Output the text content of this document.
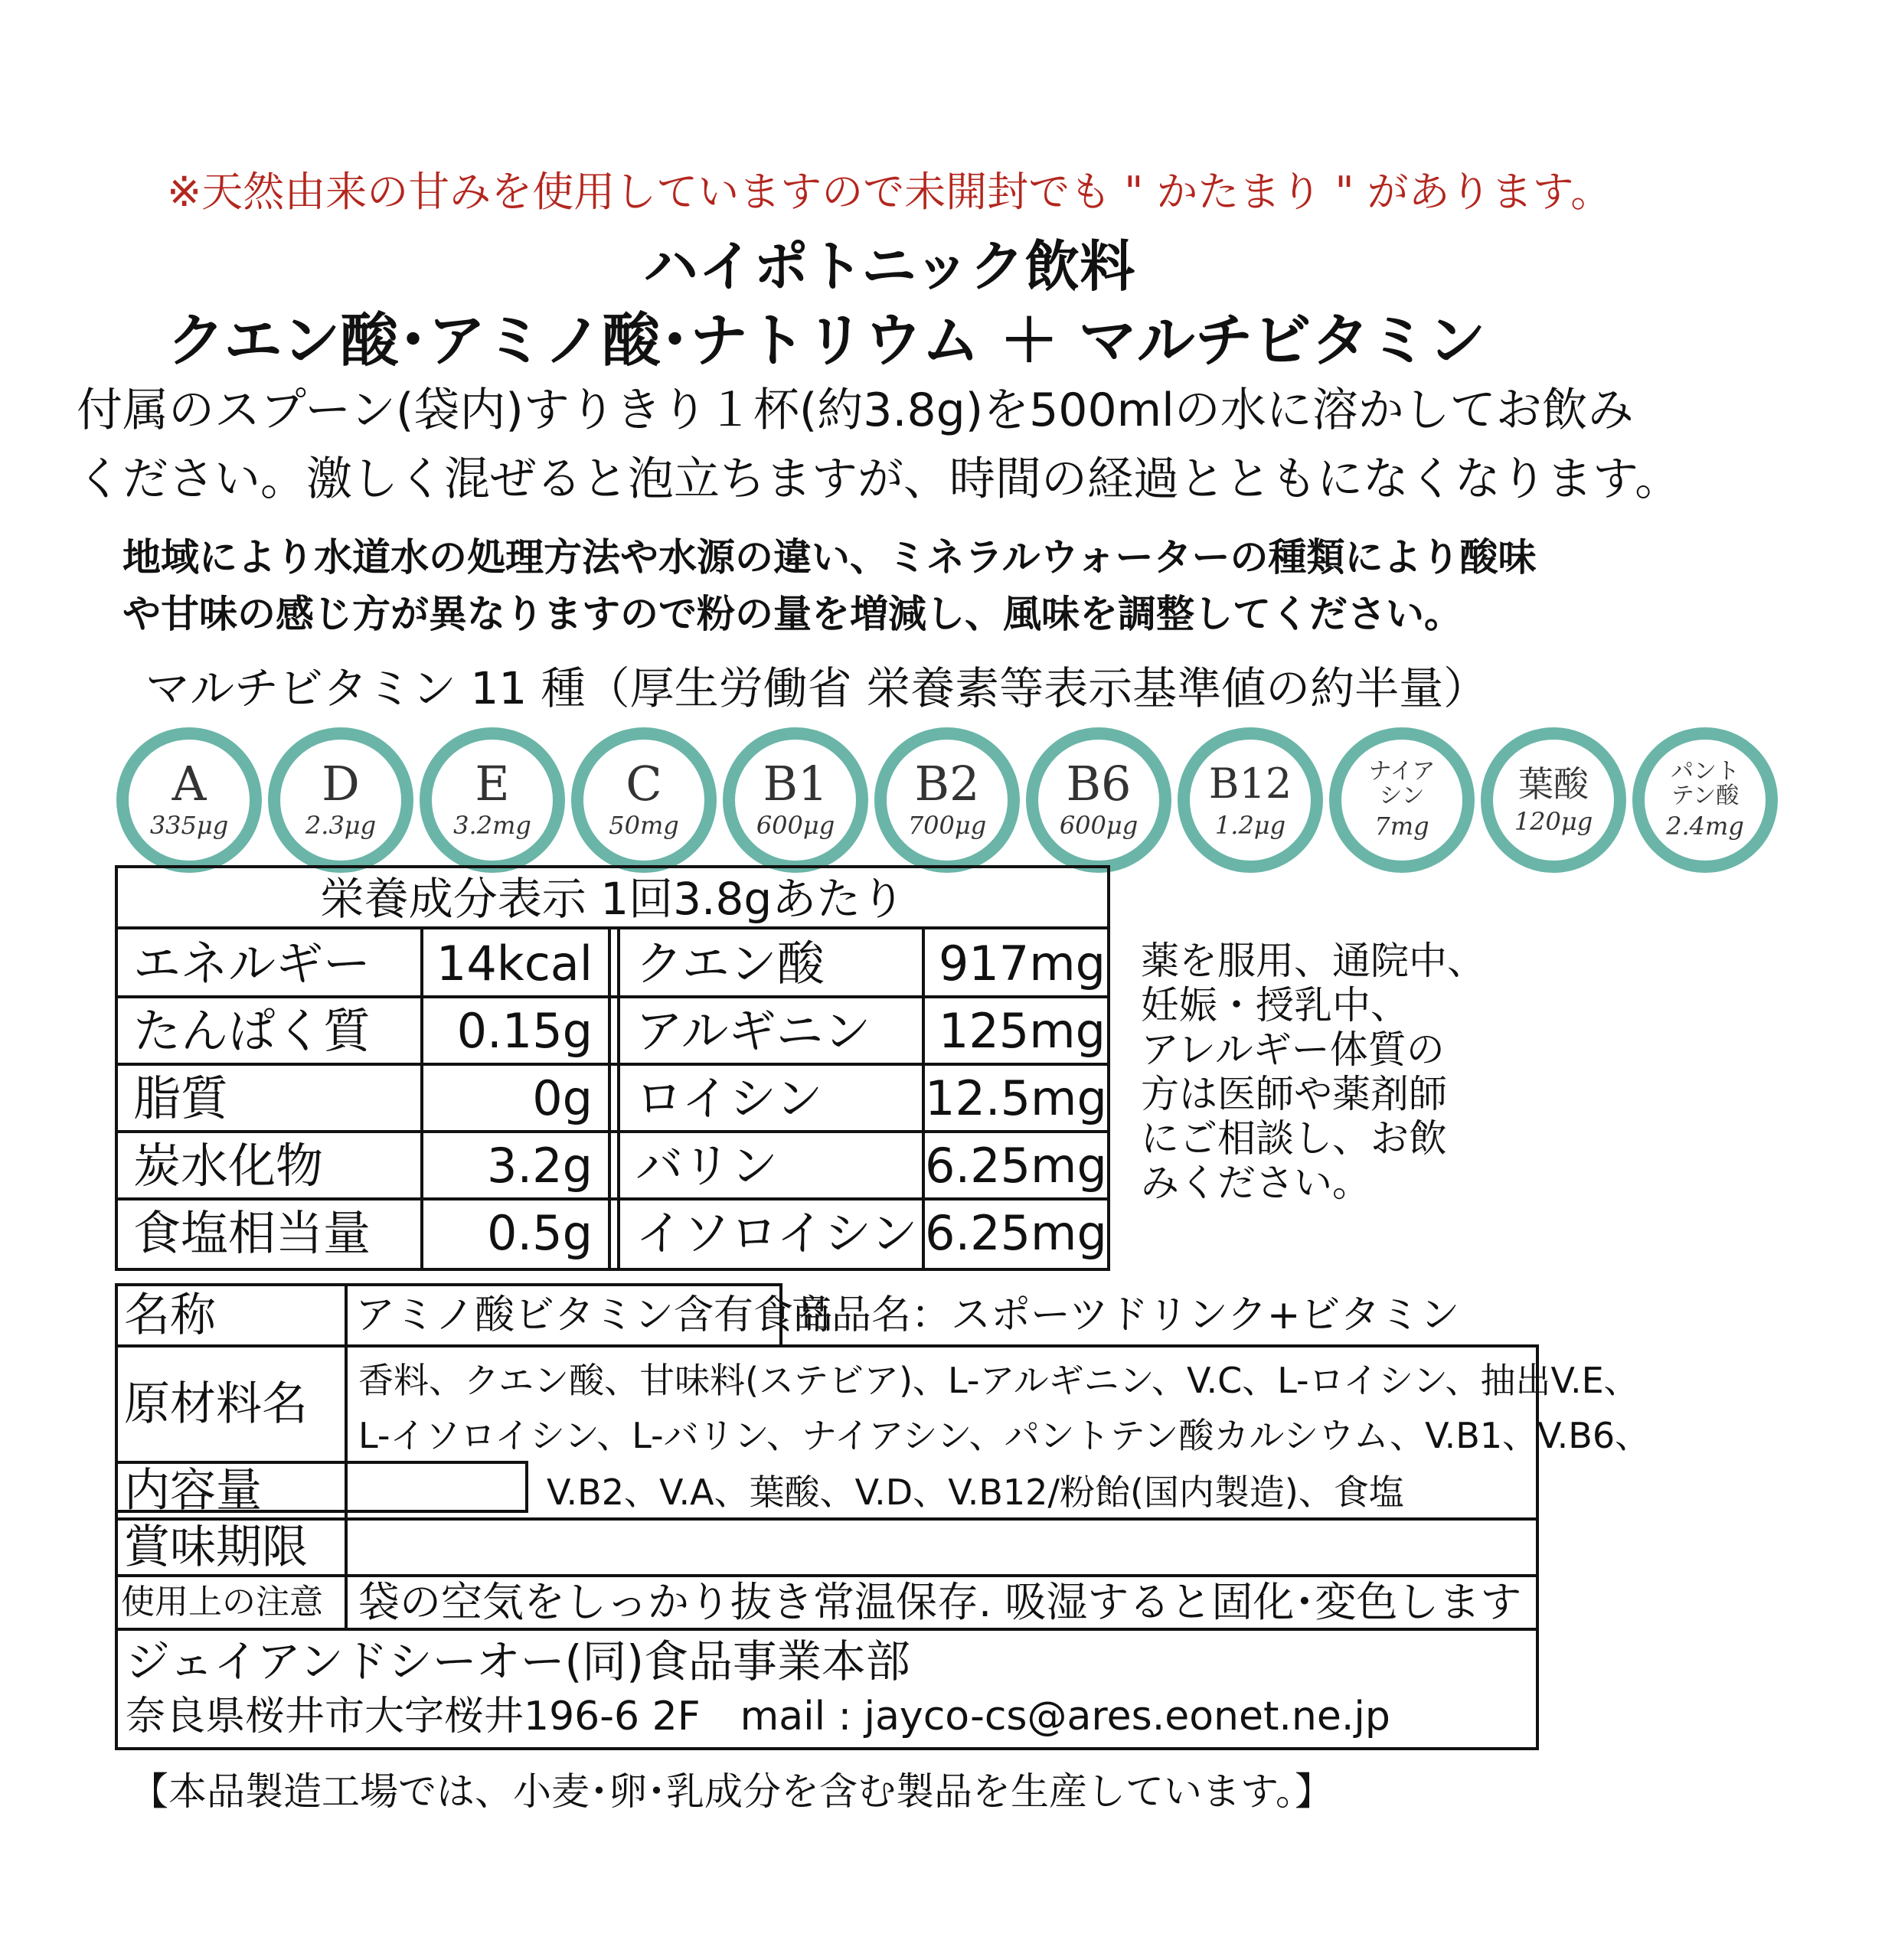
※天然由来の甘みを使用していますので未開封でも " かたまり " があります。
ハイポトニック飲料
クエン酸･アミノ酸･ナトリウム ＋ マルチビタミン
付属のスプーン(袋内)すりきり１杯(約3.8g)を500mlの水に溶かしてお飲み
ください。激しく混ぜると泡立ちますが、時間の経過とともになくなります。
地域により水道水の処理方法や水源の違い、ミネラルウォーターの種類により酸味
や甘味の感じ方が異なりますので粉の量を増減し、風味を調整してください。
マルチビタミン 11 種（厚生労働省 栄養素等表示基準値の約半量）
A
335μg
D
2.3μg
E
3.2mg
C
50mg
B1
600μg
B2
700μg
B6
600μg
B12
1.2μg
ナイア
シン
7mg
葉酸
120μg
パント
テン酸
2.4mg
栄養成分表示 1回3.8gあたり
エネルギー	14kcal クエン酸	917mg
たんぱく質	0.15g アルギニン	125mg
脂質	0g ロイシン	12.5mg
炭水化物	3.2g バリン	6.25mg
食塩相当量	0.5g イソロイシン 6.25mg
薬を服用、通院中、
妊娠・授乳中、
アレルギー体質の
方は医師や薬剤師
にご相談し、お飲
みください。
名称	アミノ酸ビタミン含有食品
商品名：スポーツドリンク+ビタミン
原材料名 香料、クエン酸、甘味料(ステビア)、L-アルギニン、V.C、L-ロイシン、抽出V.E、
L-イソロイシン、L-バリン、ナイアシン、パントテン酸カルシウム、V.B1、V.B6、
V.B2、V.A、葉酸、V.D、V.B12/粉飴(国内製造)、食塩
内容量
賞味期限
使用上の注意 袋の空気をしっかり抜き常温保存. 吸湿すると固化･変色します
ジェイアンドシーオー(同)食品事業本部
奈良県桜井市大字桜井196-6 2F　mail : jayco-cs@ares.eonet.ne.jp
【本品製造工場では、小麦･卵･乳成分を含む製品を生産しています。】
